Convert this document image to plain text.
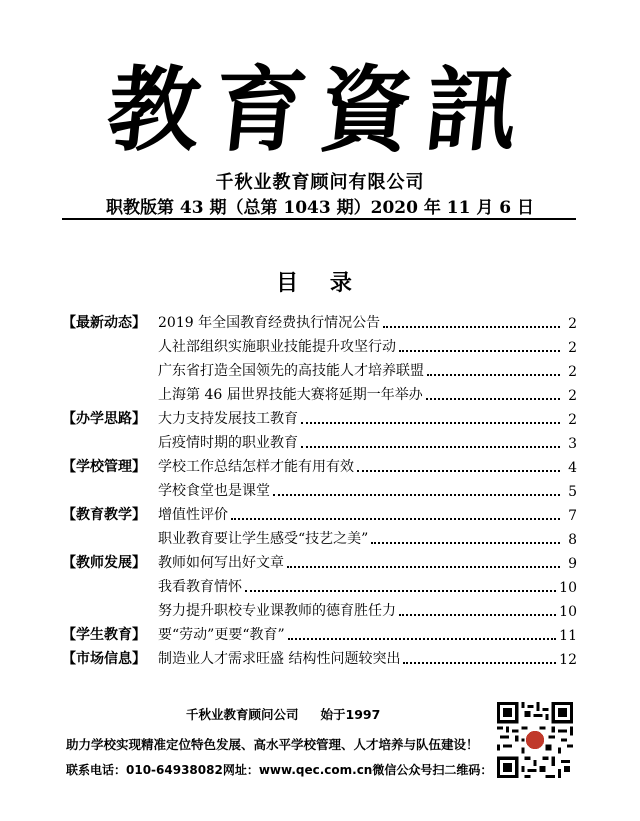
教育資訊
千秋业教育顾问有限公司
职教版第 43 期（总第 1043 期）2020 年 11 月 6 日
目 录
【最新动态】 2019 年全国教育经费执行情况公告	2
人社部组织实施职业技能提升攻坚行动	2
广东省打造全国领先的高技能人才培养联盟	2
上海第 46 届世界技能大赛将延期一年举办	2
【办学思路】 大力支持发展技工教育	2
后疫情时期的职业教育	3
【学校管理】 学校工作总结怎样才能有用有效	4
学校食堂也是课堂	5
【教育教学】 增值性评价	7
职业教育要让学生感受“技艺之美”	8
【教师发展】 教师如何写出好文章	9
我看教育情怀	10
努力提升职校专业课教师的德育胜任力	10
【学生教育】 要“劳动”更要“教育”	11
【市场信息】 制造业人才需求旺盛 结构性问题较突出	12
千秋业教育顾问公司 始于1997
助力学校实现精准定位特色发展、高水平学校管理、人才培养与队伍建设！
联系电话：010-64938082 网址：www.qec.com.cn 微信公众号扫二维码：
